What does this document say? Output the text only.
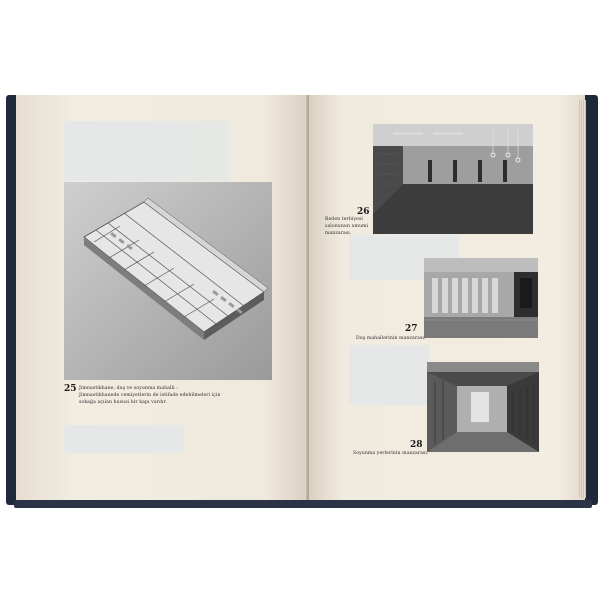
25 Jimnastikhane, duş ve soyunma mahalli :
Jimnastikhanede cemiyetlerin de istifade edebilmeleri için
sokağa açılan hususi bir kapı vardır.
26
Beden terbiyesi
salonunun umumi
manzarası.
27
Duş mahallerinin manzarası.
28
Soyunma yerlerinin manzarası.
